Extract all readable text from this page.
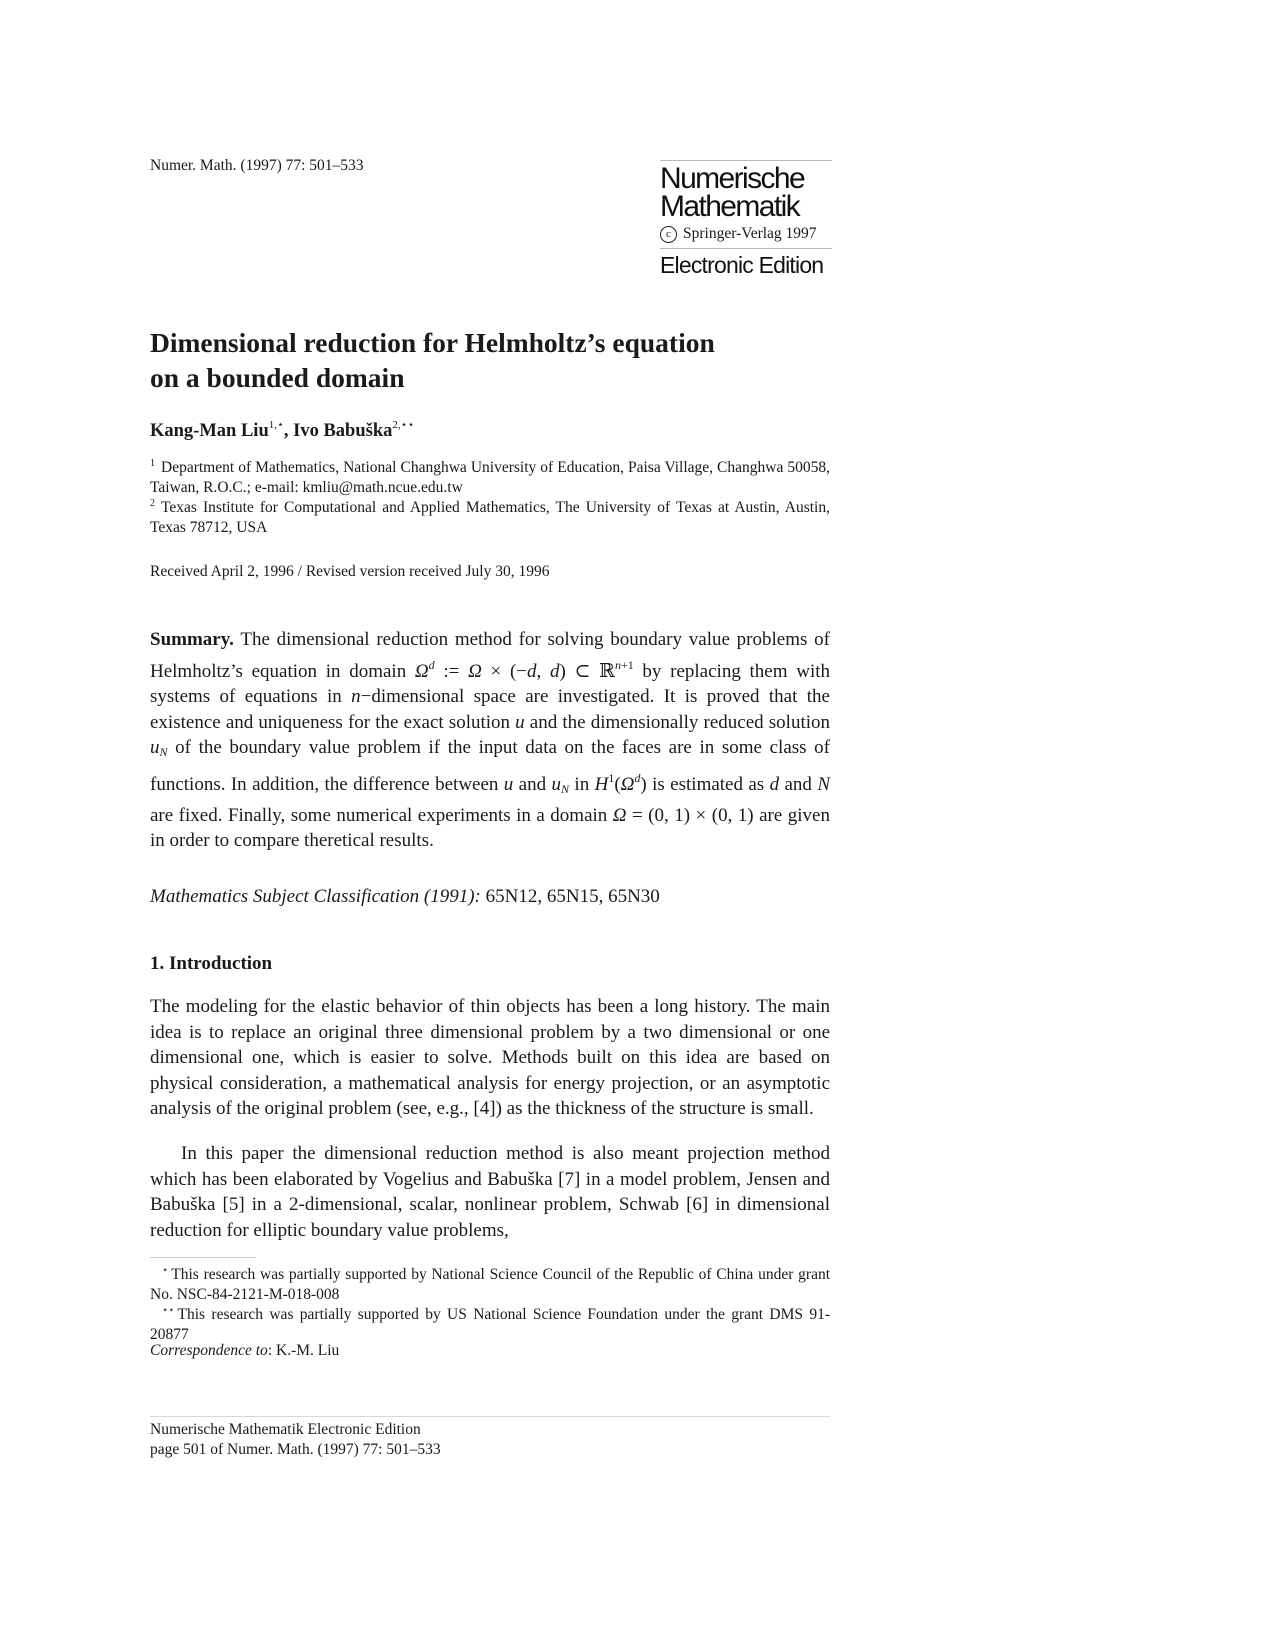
Numer. Math. (1997) 77: 501–533	Numerische
Mathematik
c Springer-Verlag 1997
Electronic Edition
Dimensional reduction for Helmholtz’s equation
on a bounded domain
Kang-Man Liu$^{1,⋆}$, Ivo Babuška$^{2,⋆⋆}$
$^1$ Department of Mathematics, National Changhwa University of Education, Paisa Village, Changhwa 50058, Taiwan, R.O.C.; e-mail: kmliu@math.ncue.edu.tw
$^2$ Texas Institute for Computational and Applied Mathematics, The University of Texas at Austin, Austin, Texas 78712, USA
Received April 2, 1996 / Revised version received July 30, 1996
Summary. The dimensional reduction method for solving boundary value problems of Helmholtz’s equation in domain $\Omega^d$ := Ω × (−d, d) ⊂ ℝ$^{n+1}$ by replacing them with systems of equations in n−dimensional space are investigated. It is proved that the existence and uniqueness for the exact solution u and the dimensionally reduced solution $u_N$ of the boundary value problem if the input data on the faces are in some class of functions. In addition, the difference between u and $u_N$ in $H^1(\Omega^d)$ is estimated as d and N are fixed. Finally, some numerical experiments in a domain Ω = (0, 1) × (0, 1) are given in order to compare theretical results.
Mathematics Subject Classification (1991): 65N12, 65N15, 65N30
1. Introduction
The modeling for the elastic behavior of thin objects has been a long history. The main idea is to replace an original three dimensional problem by a two dimensional or one dimensional one, which is easier to solve. Methods built on this idea are based on physical consideration, a mathematical analysis for energy projection, or an asymptotic analysis of the original problem (see, e.g., [4]) as the thickness of the structure is small.
In this paper the dimensional reduction method is also meant projection method which has been elaborated by Vogelius and Babuška [7] in a model problem, Jensen and Babuška [5] in a 2-dimensional, scalar, nonlinear problem, Schwab [6] in dimensional reduction for elliptic boundary value problems,
⋆ This research was partially supported by National Science Council of the Republic of China under grant No. NSC-84-2121-M-018-008
⋆⋆ This research was partially supported by US National Science Foundation under the grant DMS 91-20877
Correspondence to: K.-M. Liu
Numerische Mathematik Electronic Edition
page 501 of Numer. Math. (1997) 77: 501–533
